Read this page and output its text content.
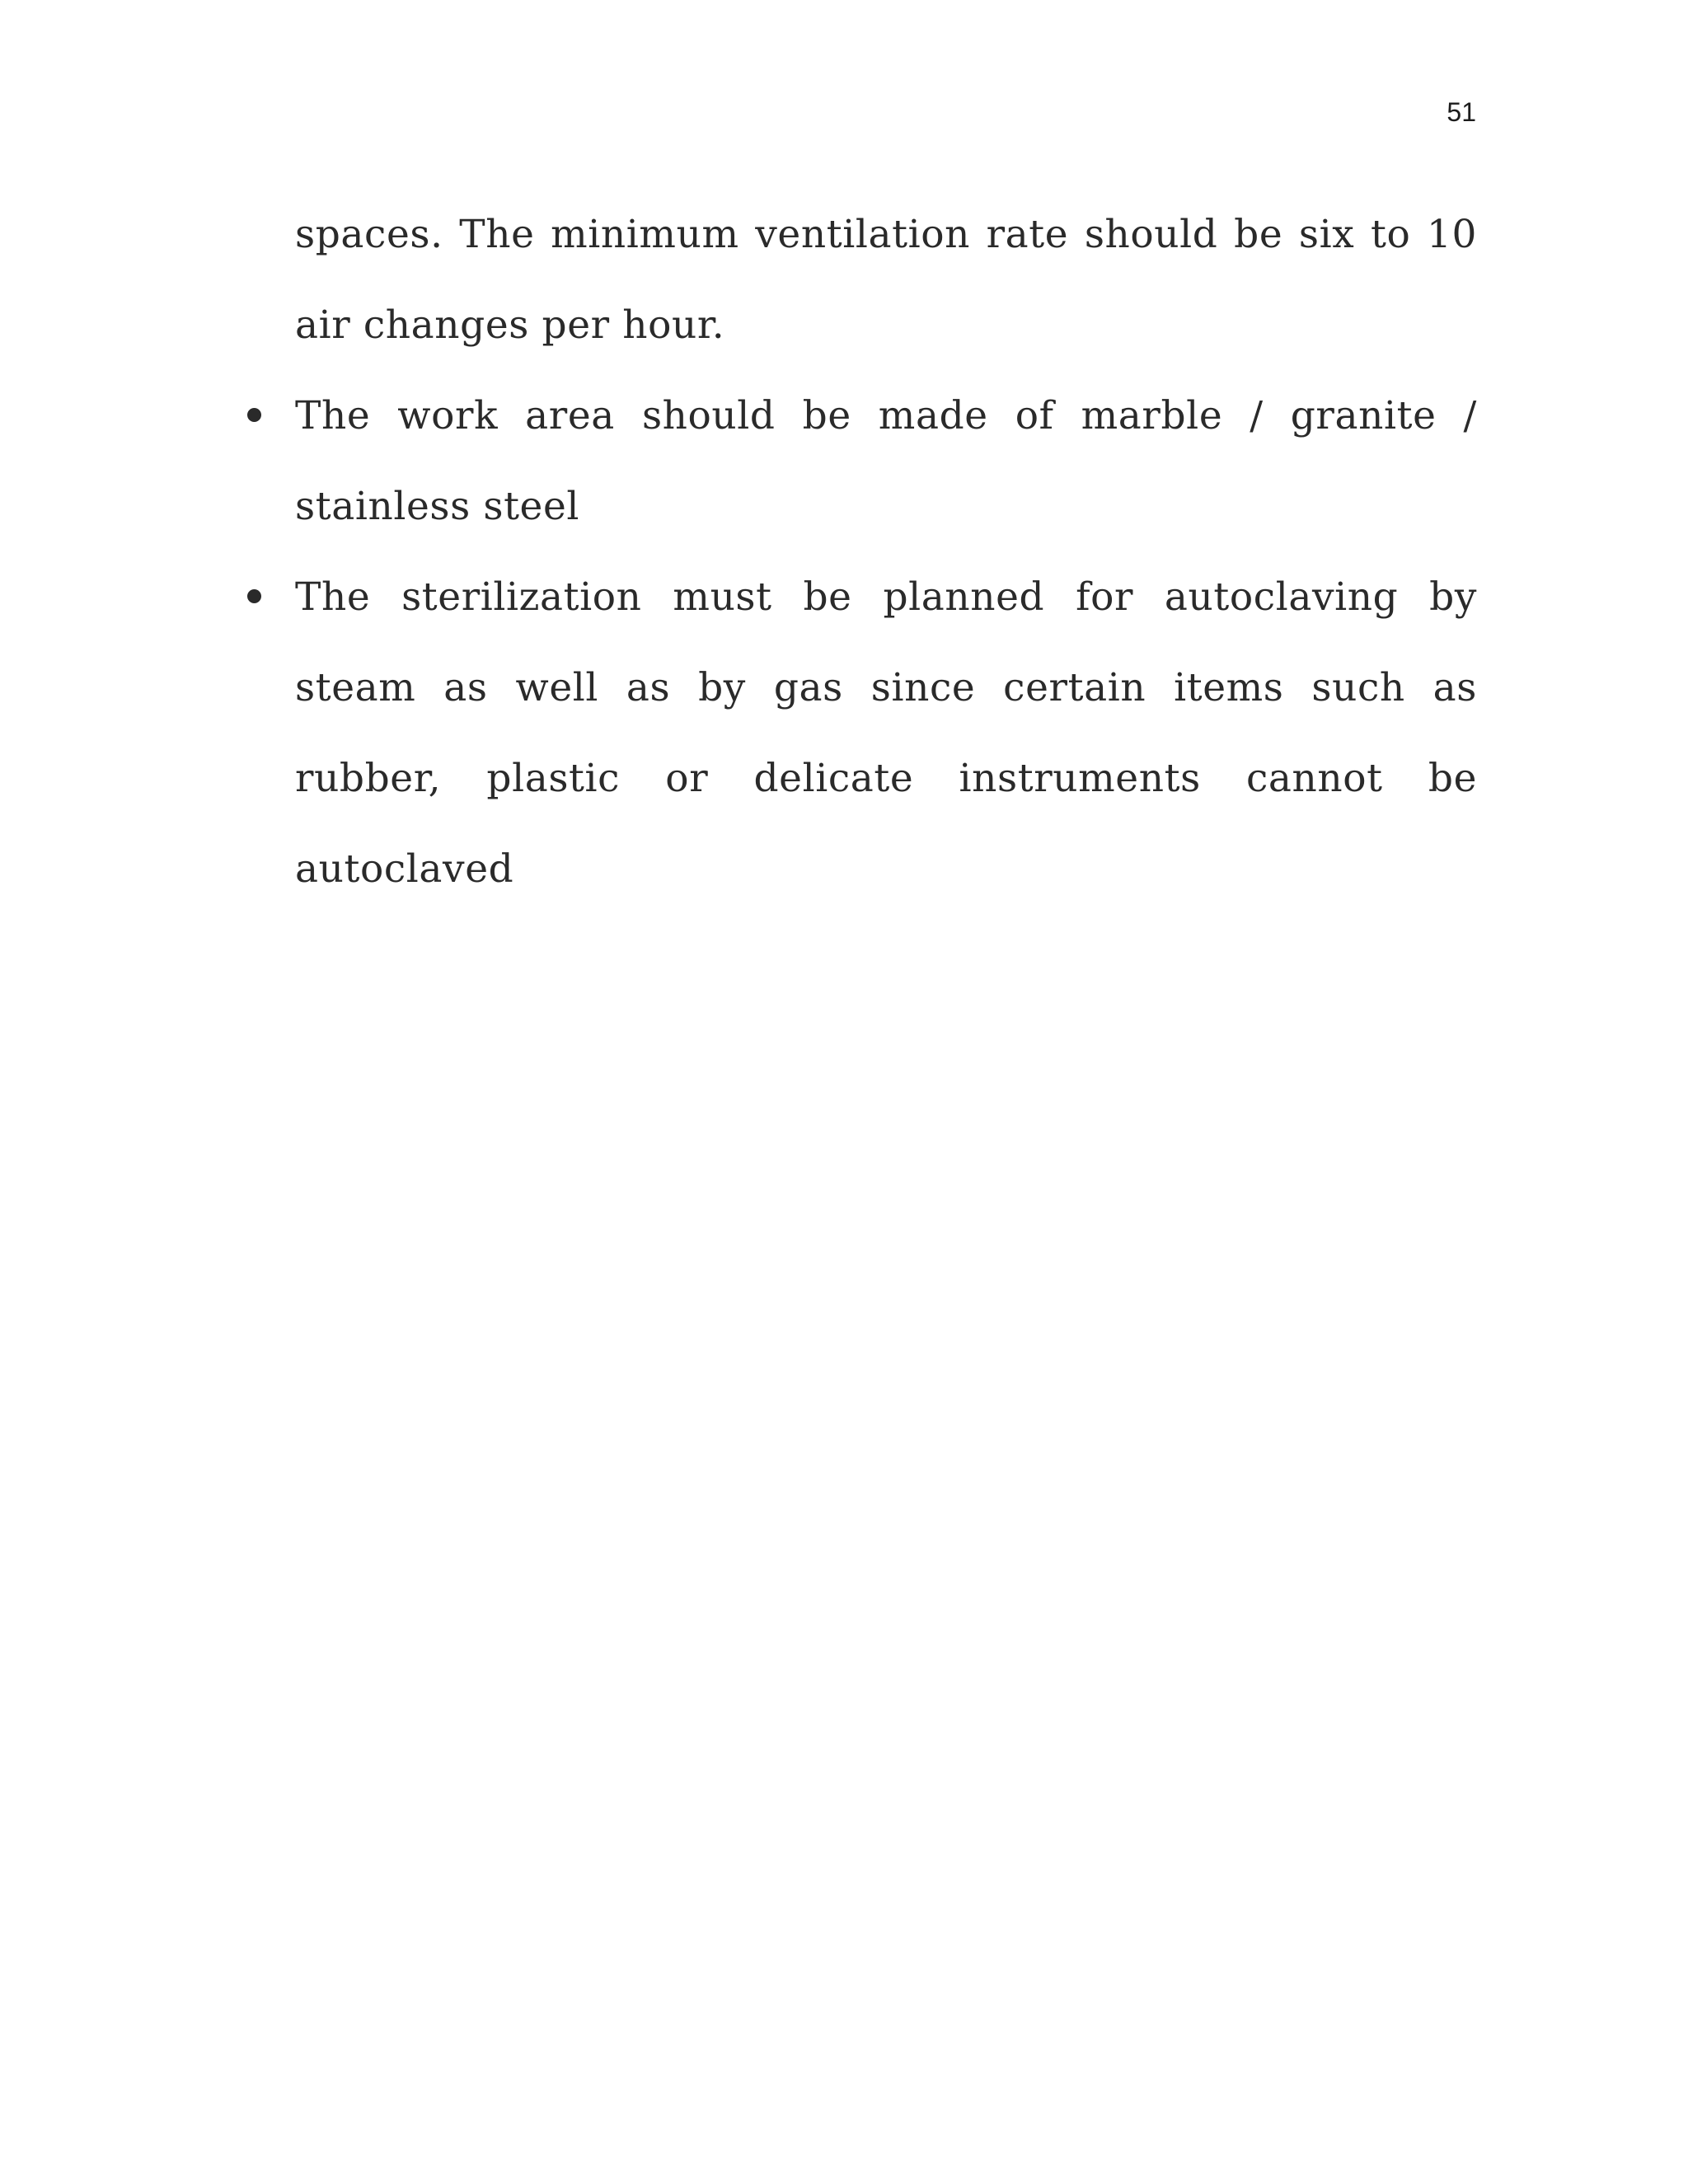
51

spaces. The minimum ventilation rate should be six to 10 air changes per hour.

The work area should be made of marble / granite / stainless steel
The sterilization must be planned for autoclaving by steam as well as by gas since certain items such as rubber, plastic or delicate instruments cannot be autoclaved
